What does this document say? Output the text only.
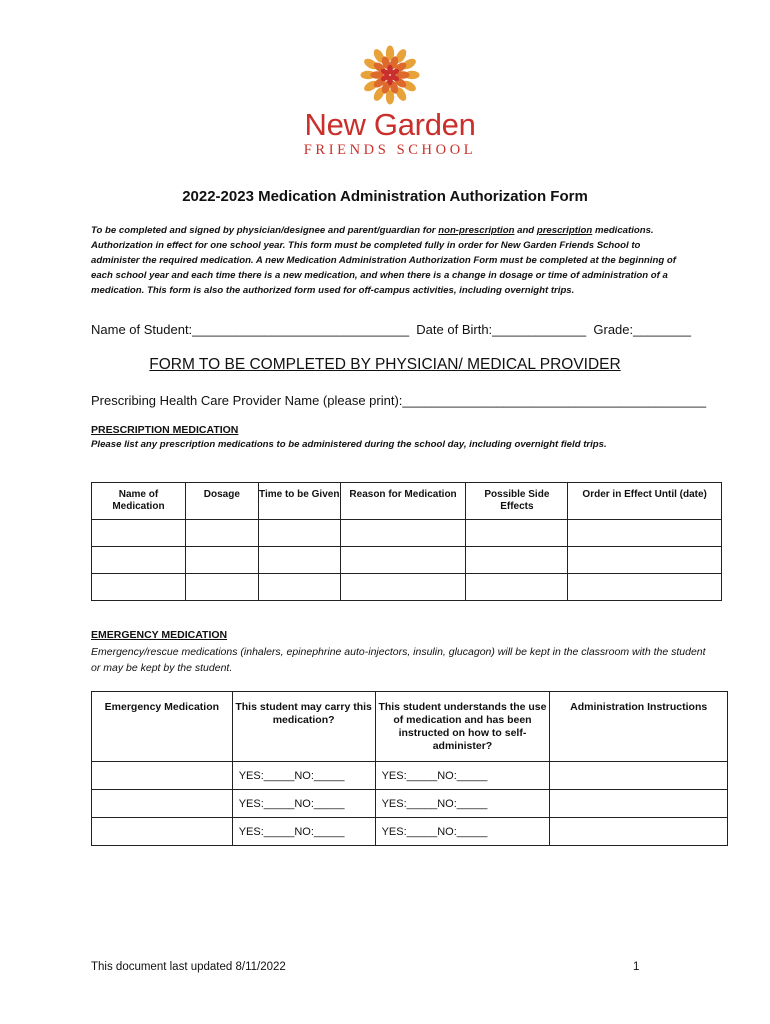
New Garden
FRIENDS SCHOOL
2022-2023 Medication Administration Authorization Form
To be completed and signed by physician/designee and parent/guardian for non-prescription and prescription medications. Authorization in effect for one school year. This form must be completed fully in order for New Garden Friends School to administer the required medication. A new Medication Administration Authorization Form must be completed at the beginning of each school year and each time there is a new medication, and when there is a change in dosage or time of administration of a medication. This form is also the authorized form used for off-campus activities, including overnight trips.
Name of Student:______________________________  Date of Birth:_____________  Grade:________
FORM TO BE COMPLETED BY PHYSICIAN/ MEDICAL PROVIDER
Prescribing Health Care Provider Name (please print):__________________________________________
PRESCRIPTION MEDICATION
Please list any prescription medications to be administered during the school day, including overnight field trips.
Name of Medication	Dosage	Time to be Given	Reason for Medication	Possible Side Effects	Order in Effect Until (date)

EMERGENCY MEDICATION
Emergency/rescue medications (inhalers, epinephrine auto-injectors, insulin, glucagon) will be kept in the classroom with the student or may be kept by the student.
Emergency Medication	This student may carry this medication?	This student understands the use of medication and has been instructed on how to self-administer?	Administration Instructions
	YES:_____NO:_____	YES:_____NO:_____	
	YES:_____NO:_____	YES:_____NO:_____	
	YES:_____NO:_____	YES:_____NO:_____	
This document last updated 8/11/2022	1
